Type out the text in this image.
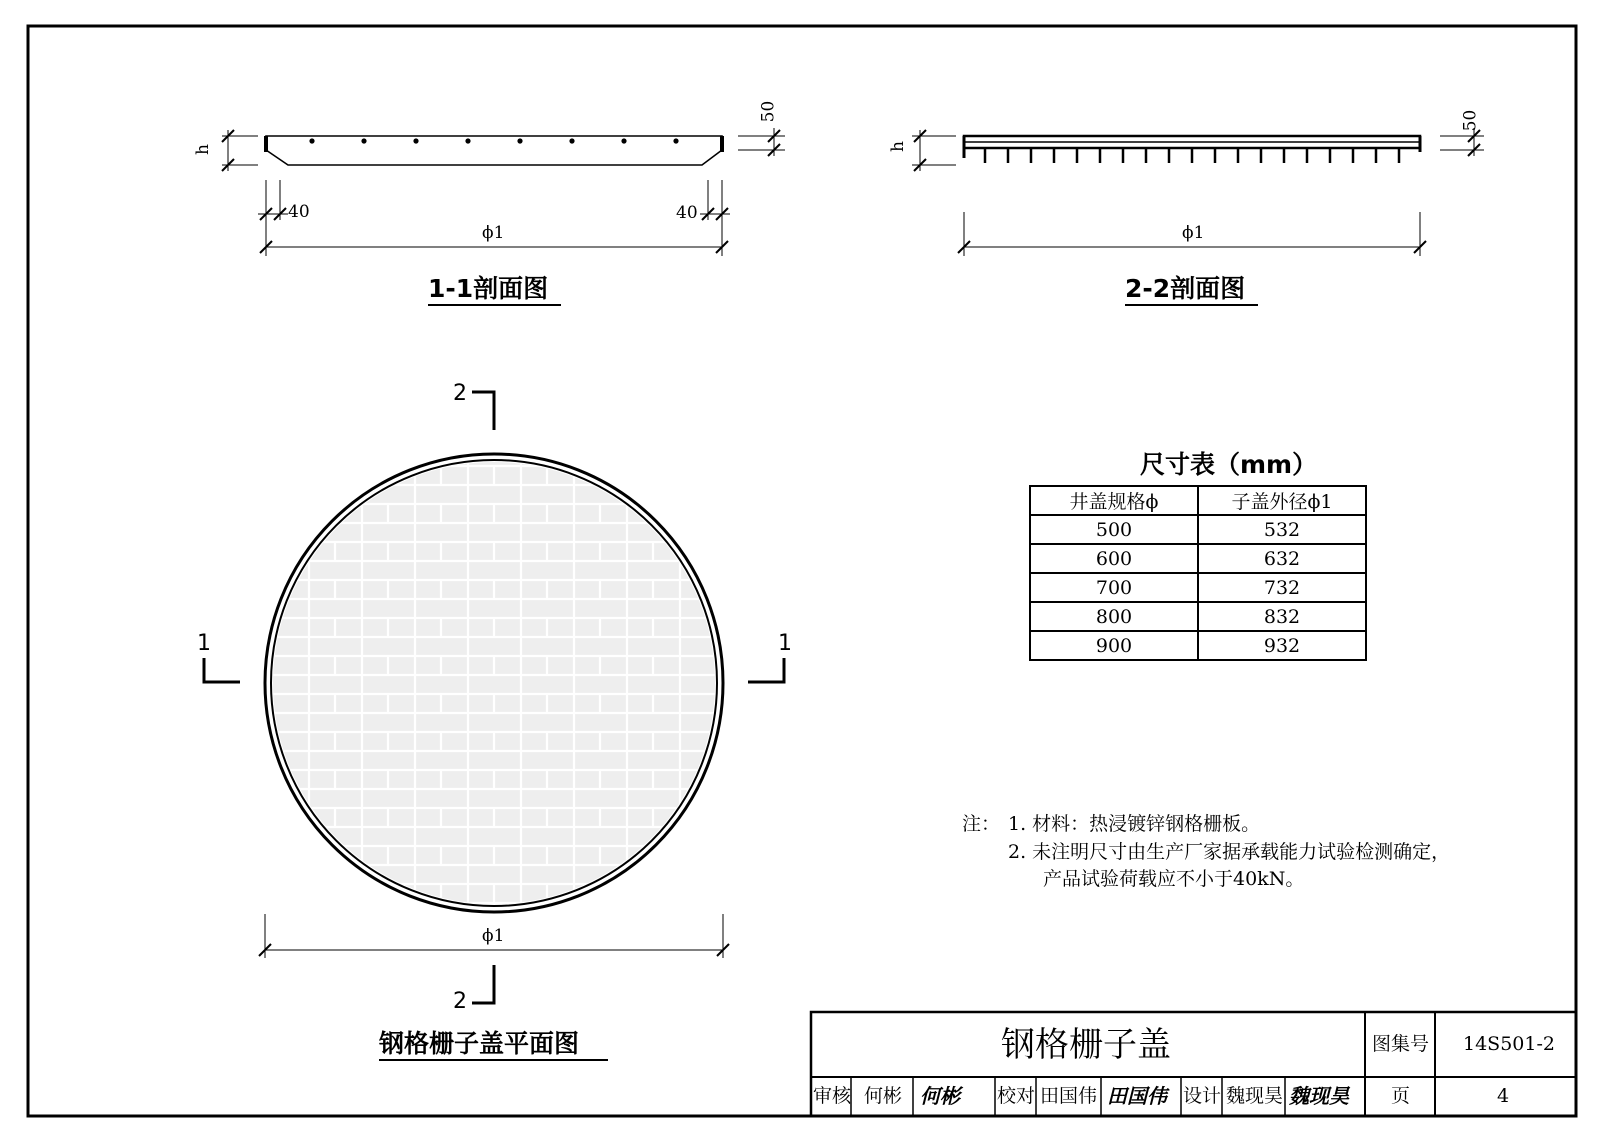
h
50
40	40
ϕ1
1-1剖面图
h
50
ϕ1
2-2剖面图
2
2
1	1
ϕ1
钢格栅子盖平面图
尺寸表（mm）
井盖规格ϕ	子盖外径ϕ1
500	532
600	632
700	732
800	832
900	932
注： 1. 材料：热浸镀锌钢格栅板。
2. 未注明尺寸由生产厂家据承载能力试验检测确定，
产品试验荷载应不小于40kN。
钢格栅子盖	图集号 14S501-2
审核 何彬 何彬 校对 田国伟 田国伟 设计 魏现昊 魏现昊 页	4
